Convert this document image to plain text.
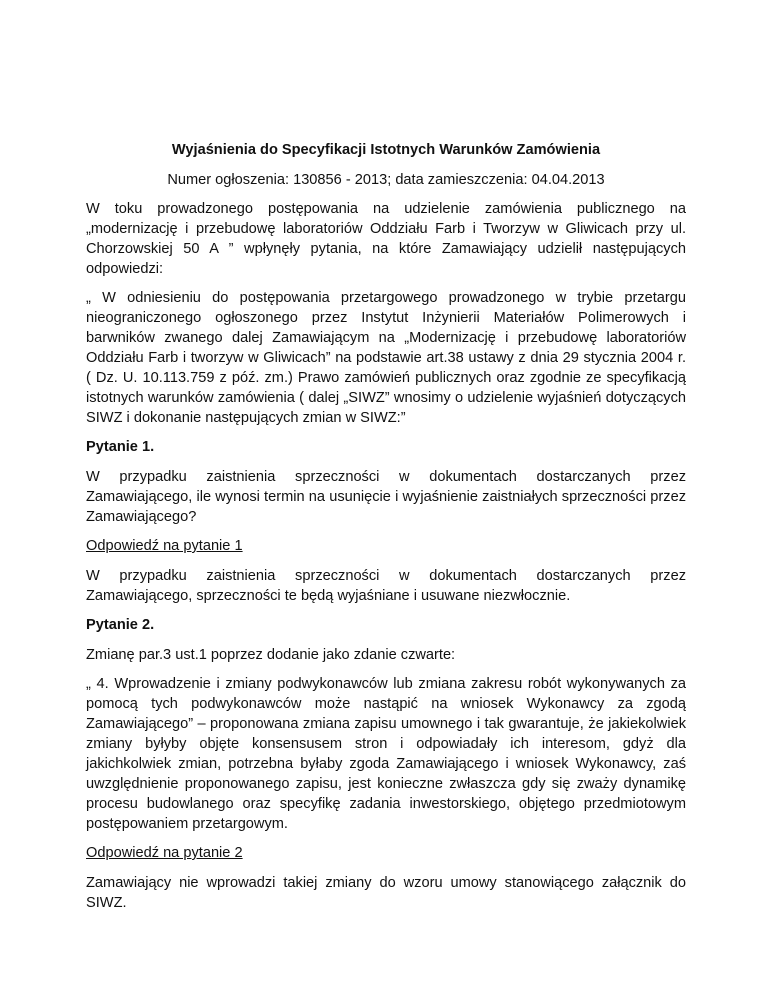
Wyjaśnienia do Specyfikacji Istotnych Warunków Zamówienia

Numer ogłoszenia: 130856 - 2013; data zamieszczenia: 04.04.2013

W toku prowadzonego postępowania na udzielenie zamówienia publicznego na „modernizację i przebudowę laboratoriów Oddziału Farb i Tworzyw w Gliwicach przy ul. Chorzowskiej 50 A ” wpłynęły pytania, na które Zamawiający udzielił następujących odpowiedzi:

„ W odniesieniu do postępowania przetargowego prowadzonego w trybie przetargu nieograniczonego ogłoszonego przez Instytut Inżynierii Materiałów Polimerowych i barwników zwanego dalej Zamawiającym na „Modernizację i przebudowę laboratoriów Oddziału Farb i tworzyw w Gliwicach” na podstawie art.38 ustawy z dnia 29 stycznia 2004 r. ( Dz. U. 10.113.759 z póź. zm.) Prawo zamówień publicznych oraz zgodnie ze specyfikacją istotnych warunków zamówienia ( dalej „SIWZ” wnosimy o udzielenie wyjaśnień dotyczących SIWZ i dokonanie następujących zmian w SIWZ:”

Pytanie 1.

W przypadku zaistnienia sprzeczności w dokumentach dostarczanych przez Zamawiającego, ile wynosi termin na usunięcie i wyjaśnienie zaistniałych sprzeczności przez Zamawiającego?

Odpowiedź na pytanie 1

W przypadku zaistnienia sprzeczności w dokumentach dostarczanych przez Zamawiającego, sprzeczności te będą wyjaśniane i usuwane niezwłocznie.

Pytanie 2.

Zmianę par.3 ust.1 poprzez dodanie jako zdanie czwarte:

„ 4. Wprowadzenie i zmiany podwykonawców lub zmiana zakresu robót wykonywanych za pomocą tych podwykonawców może nastąpić na wniosek Wykonawcy za zgodą Zamawiającego” – proponowana zmiana zapisu umownego i tak gwarantuje, że jakiekolwiek zmiany byłyby objęte konsensusem stron i odpowiadały ich interesom, gdyż dla jakichkolwiek zmian, potrzebna byłaby zgoda Zamawiającego i wniosek Wykonawcy, zaś uwzględnienie proponowanego zapisu, jest konieczne zwłaszcza gdy się zważy dynamikę procesu budowlanego oraz specyfikę zadania inwestorskiego, objętego przedmiotowym postępowaniem przetargowym.

Odpowiedź na pytanie 2

Zamawiający nie wprowadzi takiej zmiany do wzoru umowy stanowiącego załącznik do SIWZ.
